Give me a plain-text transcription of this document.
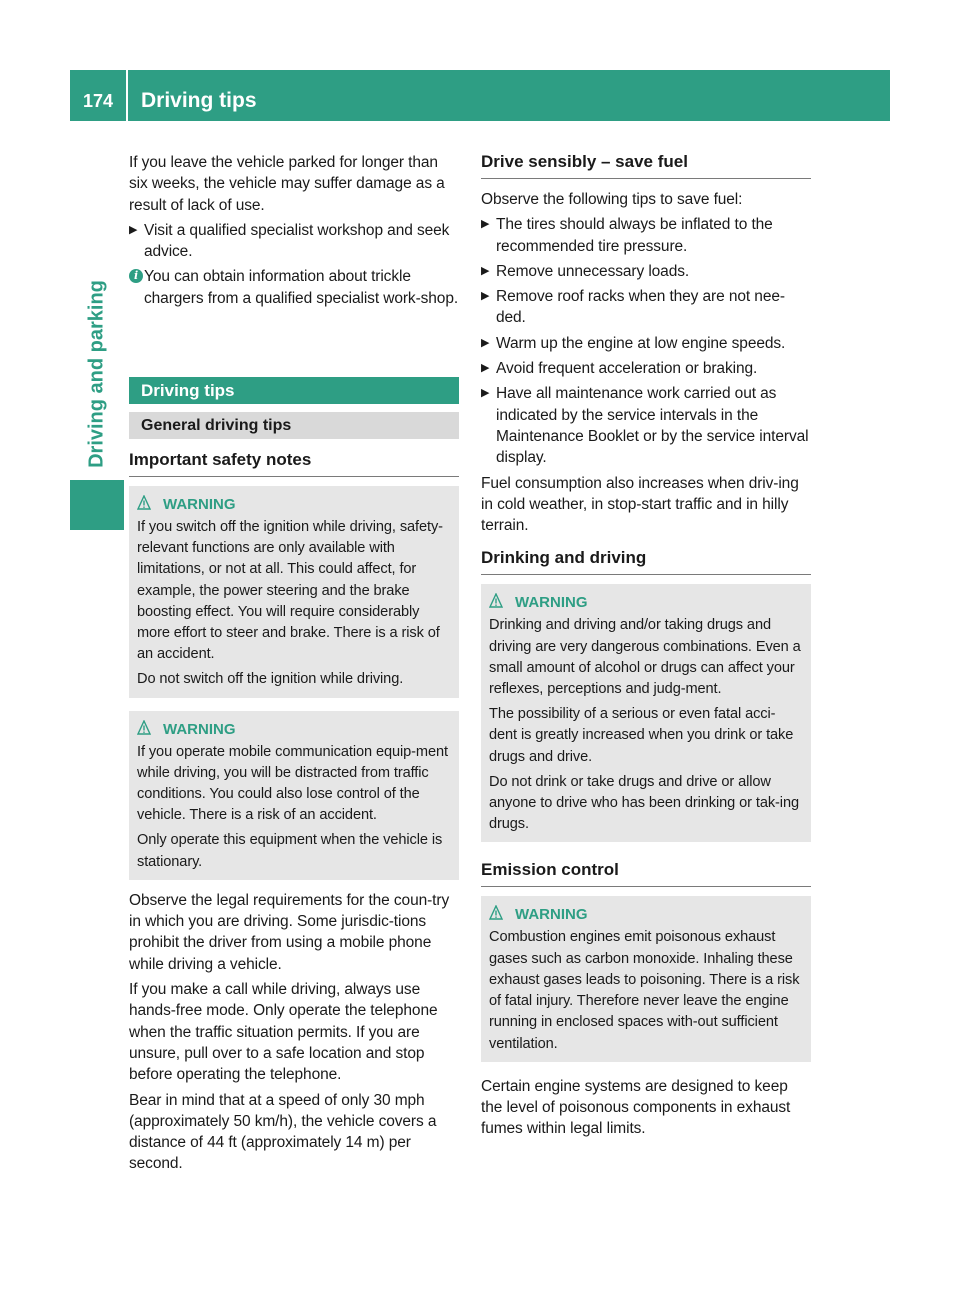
174	Driving tips
Driving and parking

If you leave the vehicle parked for longer than six weeks, the vehicle may suffer damage as a result of lack of use.

▶ Visit a qualified specialist workshop and seek advice.
i You can obtain information about trickle chargers from a qualified specialist work-shop.
Driving tips
General driving tips
Important safety notes
WARNING

If you switch off the ignition while driving, safety-relevant functions are only available with limitations, or not at all. This could affect, for example, the power steering and the brake boosting effect. You will require considerably more effort to steer and brake. There is a risk of an accident.

Do not switch off the ignition while driving.

WARNING

If you operate mobile communication equip-ment while driving, you will be distracted from traffic conditions. You could also lose control of the vehicle. There is a risk of an accident.

Only operate this equipment when the vehicle is stationary.

Observe the legal requirements for the coun-try in which you are driving. Some jurisdic-tions prohibit the driver from using a mobile phone while driving a vehicle.

If you make a call while driving, always use hands-free mode. Only operate the telephone when the traffic situation permits. If you are unsure, pull over to a safe location and stop before operating the telephone.

Bear in mind that at a speed of only 30 mph (approximately 50 km/h), the vehicle covers a distance of 44 ft (approximately 14 m) per second.

Drive sensibly – save fuel

Observe the following tips to save fuel:

▶ The tires should always be inflated to the recommended tire pressure.
▶ Remove unnecessary loads.
▶ Remove roof racks when they are not nee-ded.
▶ Warm up the engine at low engine speeds.
▶ Avoid frequent acceleration or braking.
▶ Have all maintenance work carried out as indicated by the service intervals in the Maintenance Booklet or by the service interval display.

Fuel consumption also increases when driv-ing in cold weather, in stop-start traffic and in hilly terrain.

Drinking and driving
WARNING

Drinking and driving and/or taking drugs and driving are very dangerous combinations. Even a small amount of alcohol or drugs can affect your reflexes, perceptions and judg-ment.

The possibility of a serious or even fatal acci-dent is greatly increased when you drink or take drugs and drive.

Do not drink or take drugs and drive or allow anyone to drive who has been drinking or tak-ing drugs.

Emission control
WARNING

Combustion engines emit poisonous exhaust gases such as carbon monoxide. Inhaling these exhaust gases leads to poisoning. There is a risk of fatal injury. Therefore never leave the engine running in enclosed spaces with-out sufficient ventilation.

Certain engine systems are designed to keep the level of poisonous components in exhaust fumes within legal limits.
